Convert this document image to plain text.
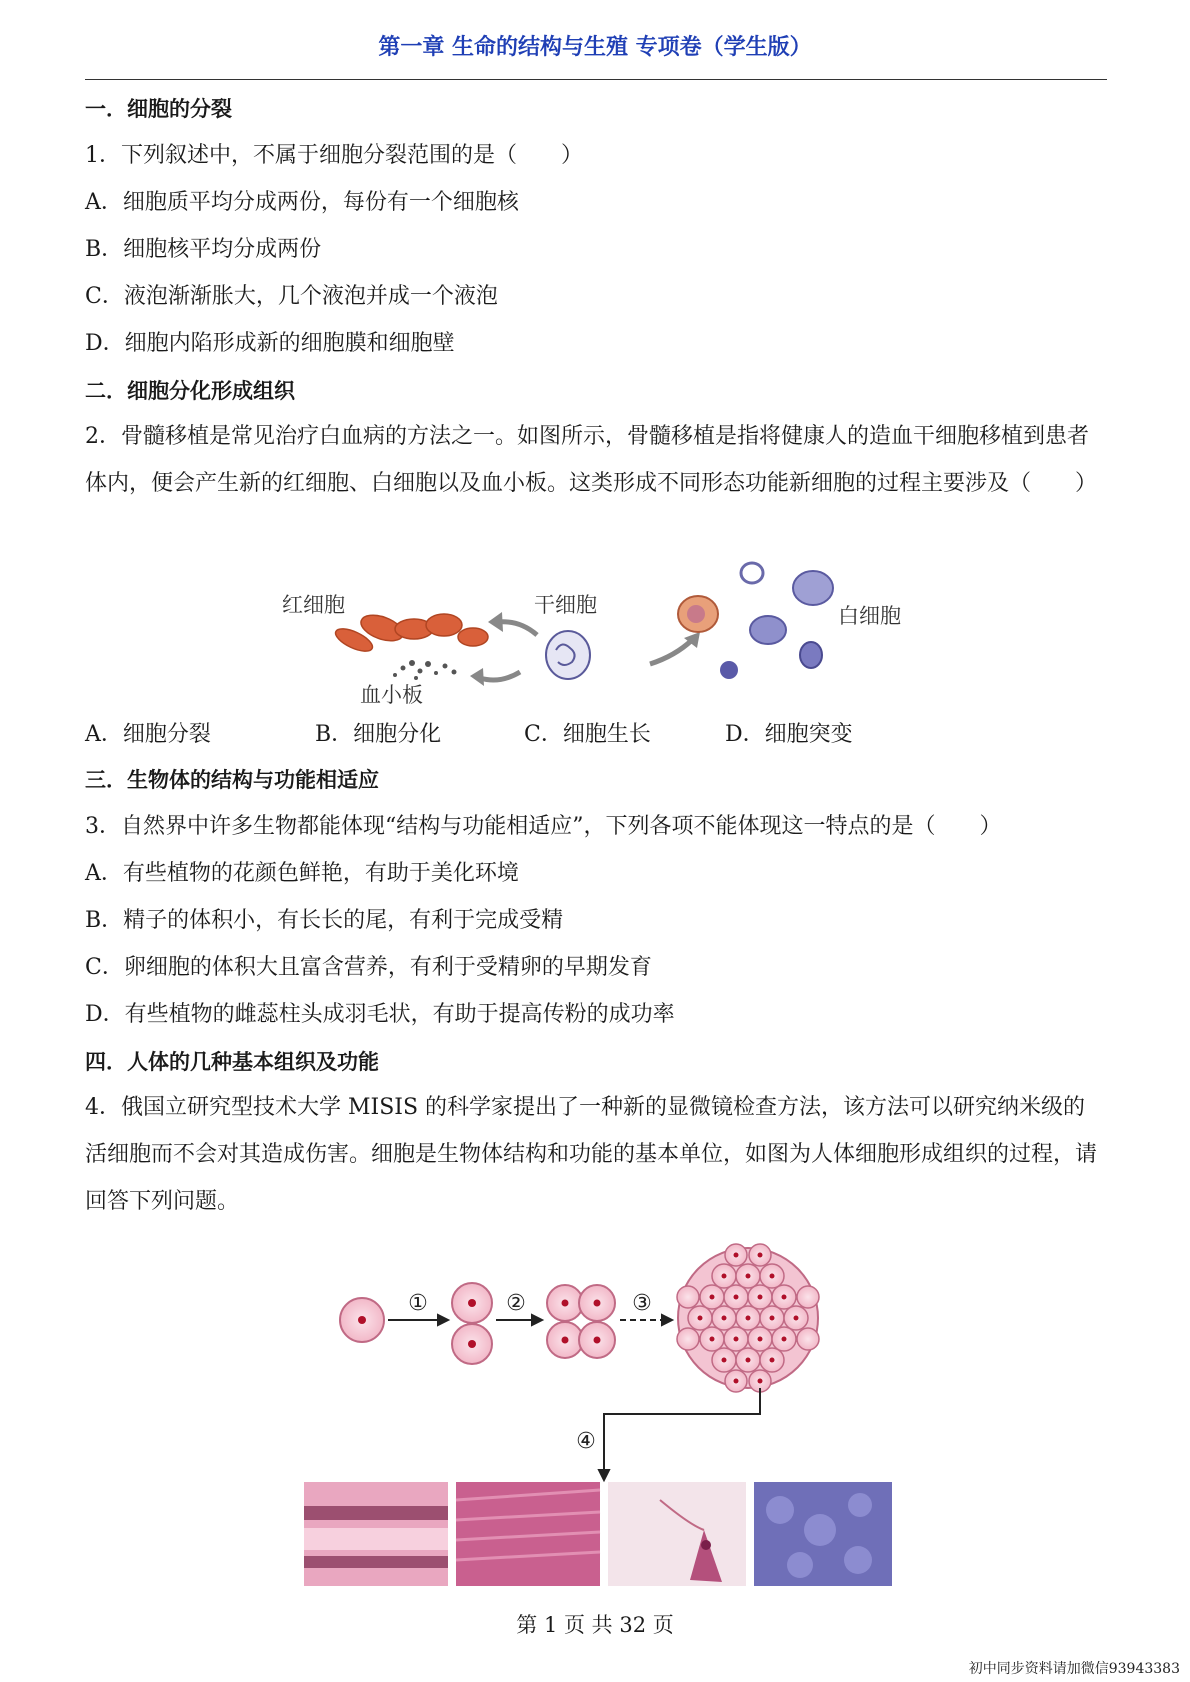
第一章 生命的结构与生殖 专项卷（学生版）
一．细胞的分裂
1．下列叙述中，不属于细胞分裂范围的是（　　）
A．细胞质平均分成两份，每份有一个细胞核
B．细胞核平均分成两份
C．液泡渐渐胀大，几个液泡并成一个液泡
D．细胞内陷形成新的细胞膜和细胞壁
二．细胞分化形成组织
2．骨髓移植是常见治疗白血病的方法之一。如图所示，骨髓移植是指将健康人的造血干细胞移植到患者体内，便会产生新的红细胞、白细胞以及血小板。这类形成不同形态功能新细胞的过程主要涉及（　　）
红细胞	干细胞	白细胞
血小板
A．细胞分裂	B．细胞分化	C．细胞生长	D．细胞突变
三．生物体的结构与功能相适应
3．自然界中许多生物都能体现“结构与功能相适应”，下列各项不能体现这一特点的是（　　）
A．有些植物的花颜色鲜艳，有助于美化环境
B．精子的体积小，有长长的尾，有利于完成受精
C．卵细胞的体积大且富含营养，有利于受精卵的早期发育
D．有些植物的雌蕊柱头成羽毛状，有助于提高传粉的成功率
四．人体的几种基本组织及功能
4．俄国立研究型技术大学 MISIS 的科学家提出了一种新的显微镜检查方法，该方法可以研究纳米级的活细胞而不会对其造成伤害。细胞是生物体结构和功能的基本单位，如图为人体细胞形成组织的过程，请回答下列问题。
①	②	③
④
第 1 页 共 32 页
初中同步资料请加微信93943383
